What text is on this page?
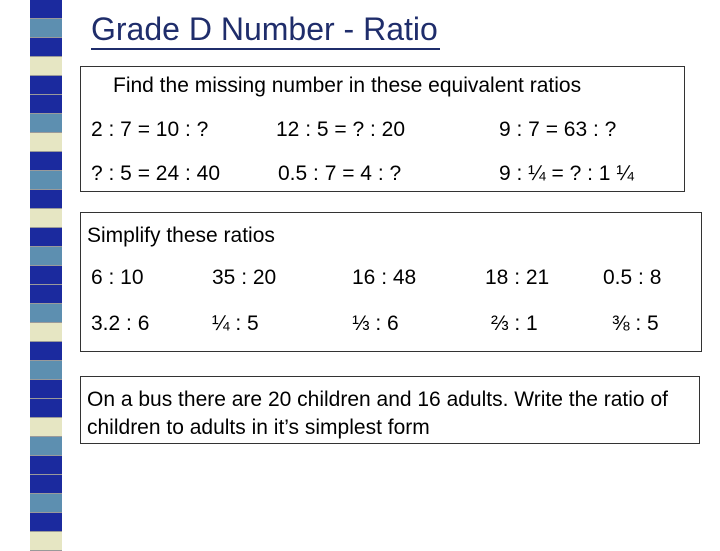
Grade D Number - Ratio
Find the missing number in these equivalent ratios
2 : 7 = 10 : ?	12 : 5 = ? : 20	9 : 7 = 63 : ?
? : 5 = 24 : 40	0.5 : 7 = 4 : ?	9 : ¼ = ? : 1 ¼
Simplify these ratios
6 : 10	35 : 20	16 : 48	18 : 21	0.5 : 8
3.2 : 6	¼ : 5	⅓ : 6	⅔ : 1	⅜ : 5
On a bus there are 20 children and 16 adults. Write the ratio of children to adults in it’s simplest form
